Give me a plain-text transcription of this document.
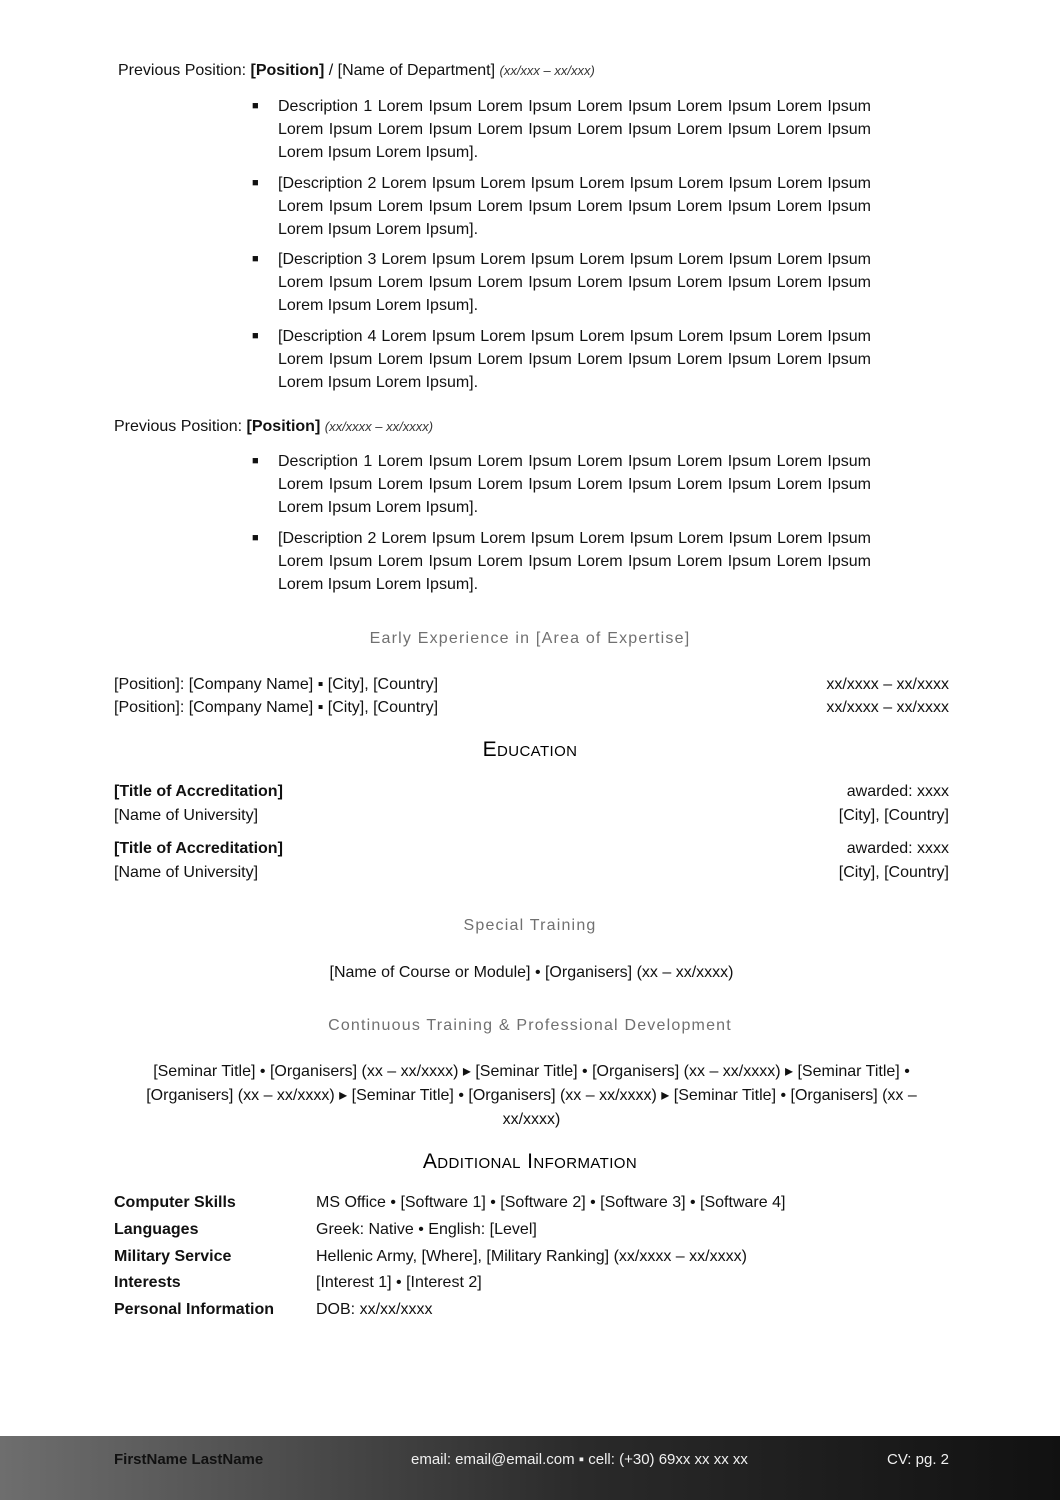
Previous Position: [Position] / [Name of Department] (xx/xxx – xx/xxx)
■ Description 1 Lorem Ipsum Lorem Ipsum Lorem Ipsum Lorem Ipsum Lorem Ipsum Lorem Ipsum Lorem Ipsum Lorem Ipsum Lorem Ipsum Lorem Ipsum Lorem Ipsum Lorem Ipsum Lorem Ipsum].
■ [Description 2 Lorem Ipsum Lorem Ipsum Lorem Ipsum Lorem Ipsum Lorem Ipsum Lorem Ipsum Lorem Ipsum Lorem Ipsum Lorem Ipsum Lorem Ipsum Lorem Ipsum Lorem Ipsum Lorem Ipsum].
■ [Description 3 Lorem Ipsum Lorem Ipsum Lorem Ipsum Lorem Ipsum Lorem Ipsum Lorem Ipsum Lorem Ipsum Lorem Ipsum Lorem Ipsum Lorem Ipsum Lorem Ipsum Lorem Ipsum Lorem Ipsum].
■ [Description 4 Lorem Ipsum Lorem Ipsum Lorem Ipsum Lorem Ipsum Lorem Ipsum Lorem Ipsum Lorem Ipsum Lorem Ipsum Lorem Ipsum Lorem Ipsum Lorem Ipsum Lorem Ipsum Lorem Ipsum].
Previous Position: [Position] (xx/xxxx – xx/xxxx)
■ Description 1 Lorem Ipsum Lorem Ipsum Lorem Ipsum Lorem Ipsum Lorem Ipsum Lorem Ipsum Lorem Ipsum Lorem Ipsum Lorem Ipsum Lorem Ipsum Lorem Ipsum Lorem Ipsum Lorem Ipsum].
■ [Description 2 Lorem Ipsum Lorem Ipsum Lorem Ipsum Lorem Ipsum Lorem Ipsum Lorem Ipsum Lorem Ipsum Lorem Ipsum Lorem Ipsum Lorem Ipsum Lorem Ipsum Lorem Ipsum Lorem Ipsum].
Early Experience in [Area of Expertise]
[Position]: [Company Name] ▪ [City], [Country]	xx/xxxx – xx/xxxx
[Position]: [Company Name] ▪ [City], [Country]	xx/xxxx – xx/xxxx
Education
[Title of Accreditation]	awarded: xxxx
[Name of University]	[City], [Country]
[Title of Accreditation]	awarded: xxxx
[Name of University]	[City], [Country]
Special Training
[Name of Course or Module] • [Organisers] (xx – xx/xxxx)
Continuous Training & Professional Development
[Seminar Title] • [Organisers] (xx – xx/xxxx) ▸ [Seminar Title] • [Organisers] (xx – xx/xxxx) ▸ [Seminar Title] •
[Organisers] (xx – xx/xxxx) ▸ [Seminar Title] • [Organisers] (xx – xx/xxxx) ▸ [Seminar Title] • [Organisers] (xx –
xx/xxxx)
Additional Information
Computer Skills	MS Office • [Software 1] • [Software 2] • [Software 3] • [Software 4]
Languages	Greek: Native • English: [Level]
Military Service	Hellenic Army, [Where], [Military Ranking] (xx/xxxx – xx/xxxx)
Interests	[Interest 1] • [Interest 2]
Personal Information	DOB: xx/xx/xxxx
FirstName LastName	email: email@email.com ▪ cell: (+30) 69xx xx xx xx	CV: pg. 2
